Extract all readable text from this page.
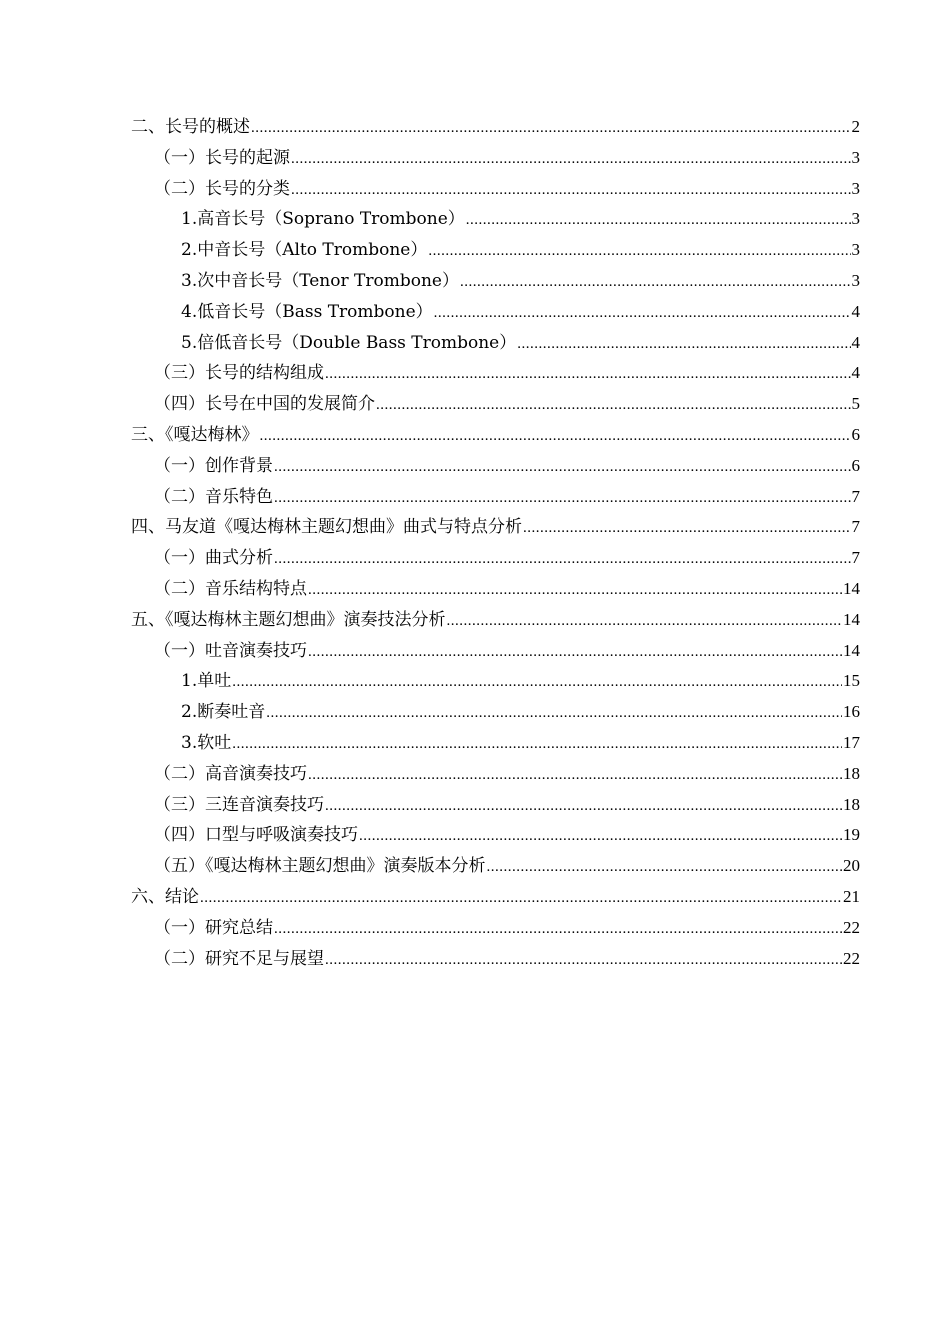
二、长号的概述 .....	2
（一）长号的起源 .....	3
（二）长号的分类 .....	3
1.高音长号（Soprano Trombone） .....	3
2.中音长号（Alto Trombone） .....	3
3.次中音长号（Tenor Trombone） .....	3
4.低音长号（Bass Trombone） .....	4
5.倍低音长号（Double Bass Trombone） .....	4
（三）长号的结构组成 .....	4
（四）长号在中国的发展简介 .....	5
三、《嘎达梅林》 .....	6
（一）创作背景 .....	6
（二）音乐特色 .....	7
四、马友道《嘎达梅林主题幻想曲》曲式与特点分析 .....	7
（一）曲式分析 .....	7
（二）音乐结构特点 .....	14
五、《嘎达梅林主题幻想曲》演奏技法分析 .....	14
（一）吐音演奏技巧 .....	14
1.单吐 .....	15
2.断奏吐音 .....	16
3.软吐 .....	17
（二）高音演奏技巧 .....	18
（三）三连音演奏技巧 .....	18
（四）口型与呼吸演奏技巧 .....	19
（五）《嘎达梅林主题幻想曲》演奏版本分析 .....	20
六、结论 .....	21
（一）研究总结 .....	22
（二）研究不足与展望 .....	22
